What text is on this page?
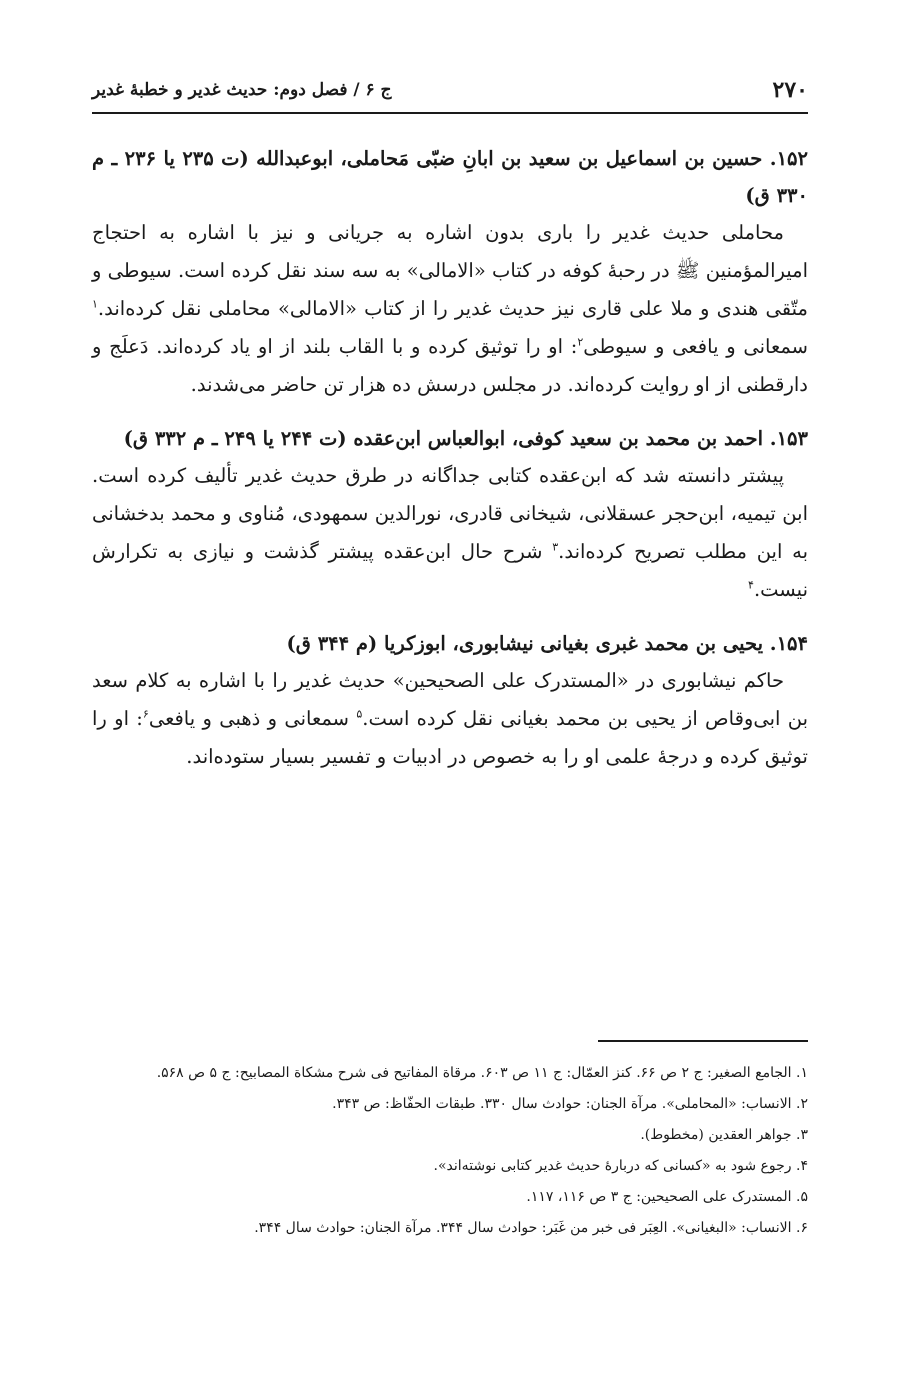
۲۷۰
ج ۶ / فصل دوم: حدیث غدیر و خطبهٔ غدیر

۱۵۲. حسین بن اسماعیل بن سعید بن ابانِ ضبّی مَحاملی، ابوعبدالله (ت ۲۳۵ یا ۲۳۶ ـ م ۳۳۰ ق)

محاملی حدیث غدیر را باری بدون اشاره به جریانی و نیز با اشاره به احتجاج امیرالمؤمنین ﷺ در رحبهٔ کوفه در کتاب «الامالی» به سه سند نقل کرده است. سیوطی و متّقی هندی و ملا علی قاری نیز حدیث غدیر را از کتاب «الامالی» محاملی نقل کرده‌اند.$^۱$ سمعانی و یافعی و سیوطی$^۲$: او را توثیق کرده و با القاب بلند از او یاد کرده‌اند. دَعلَج و دارقطنی از او روایت کرده‌اند. در مجلس درسش ده هزار تن حاضر می‌شدند.

۱۵۳. احمد بن محمد بن سعید کوفی، ابوالعباس ابن‌عقده (ت ۲۴۴ یا ۲۴۹ ـ م ۳۳۲ ق)

پیشتر دانسته شد که ابن‌عقده کتابی جداگانه در طرق حدیث غدیر تألیف کرده است. ابن تیمیه، ابن‌حجر عسقلانی، شیخانی قادری، نورالدین سمهودی، مُناوی و محمد بدخشانی به این مطلب تصریح کرده‌اند.$^۳$ شرح حال ابن‌عقده پیشتر گذشت و نیازی به تکرارش نیست.$^۴$

۱۵۴. یحیی بن محمد غبری بغیانی نیشابوری، ابوزکریا (م ۳۴۴ ق)

حاکم نیشابوری در «المستدرک علی الصحیحین» حدیث غدیر را با اشاره به کلام سعد بن ابی‌وقاص از یحیی بن محمد بغیانی نقل کرده است.$^۵$ سمعانی و ذهبی و یافعی$^۶$: او را توثیق کرده و درجهٔ علمی او را به خصوص در ادبیات و تفسیر بسیار ستوده‌اند.

۱. الجامع الصغیر: ج ۲ ص ۶۶. کنز العمّال: ج ۱۱ ص ۶۰۳. مرقاة المفاتیح فی شرح مشکاة المصابیح: ج ۵ ص ۵۶۸.

۲. الانساب: «المحاملی». مرآة الجنان: حوادث سال ۳۳۰. طبقات الحفّاظ: ص ۳۴۳.

۳. جواهر العقدین (مخطوط).

۴. رجوع شود به «کسانی که دربارهٔ حدیث غدیر کتابی نوشته‌اند».

۵. المستدرک علی الصحیحین: ج ۳ ص ۱۱۶، ۱۱۷.

۶. الانساب: «البغیانی». العِبَر فی خبر من غَبَر: حوادث سال ۳۴۴. مرآة الجنان: حوادث سال ۳۴۴.
